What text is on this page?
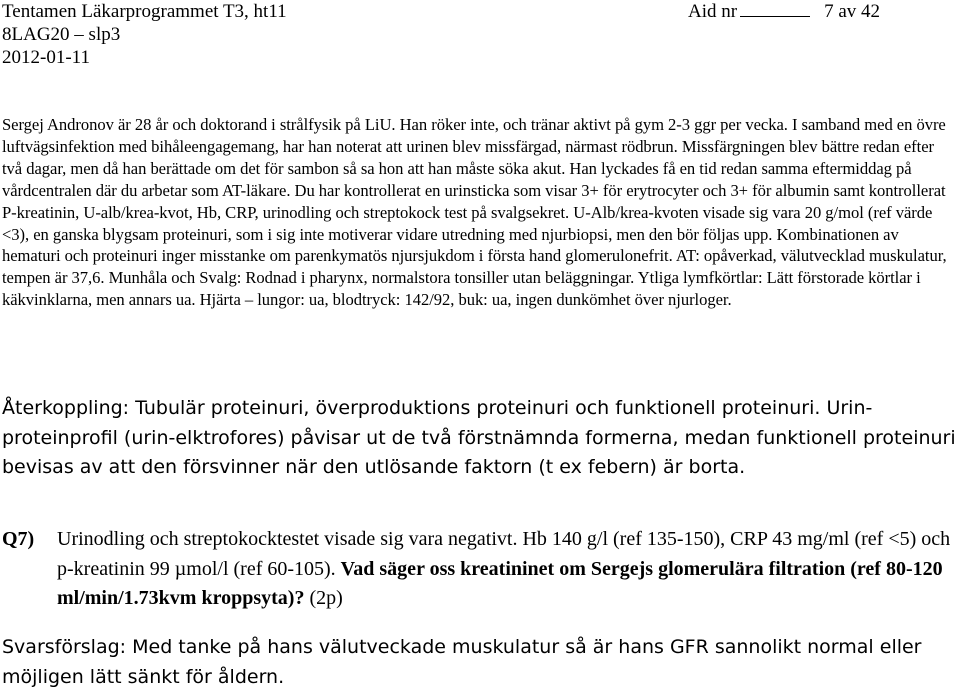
Tentamen Läkarprogrammet T3, ht11	Aid nr	7 av 42
8LAG20 – slp3
2012-01-11

Sergej Andronov är 28 år och doktorand i strålfysik på LiU. Han röker inte, och tränar aktivt på gym 2-3 ggr per vecka. I samband med en övre luftvägsinfektion med bihåleengagemang, har han noterat att urinen blev missfärgad, närmast rödbrun. Missfärgningen blev bättre redan efter två dagar, men då han berättade om det för sambon så sa hon att han måste söka akut. Han lyckades få en tid redan samma eftermiddag på vårdcentralen där du arbetar som AT-läkare. Du har kontrollerat en urinsticka som visar 3+ för erytrocyter och 3+ för albumin samt kontrollerat P-kreatinin, U-alb/krea-kvot, Hb, CRP, urinodling och streptokock test på svalgsekret. U-Alb/krea-kvoten visade sig vara 20 g/mol (ref värde <3), en ganska blygsam proteinuri, som i sig inte motiverar vidare utredning med njurbiopsi, men den bör följas upp. Kombinationen av hematuri och proteinuri inger misstanke om parenkymatös njursjukdom i första hand glomerulonefrit. AT: opåverkad, välutvecklad muskulatur, tempen är 37,6. Munhåla och Svalg: Rodnad i pharynx, normalstora tonsiller utan beläggningar. Ytliga lymfkörtlar: Lätt förstorade körtlar i käkvinklarna, men annars ua. Hjärta – lungor: ua, blodtryck: 142/92, buk: ua, ingen dunkömhet över njurloger.

Återkoppling: Tubulär proteinuri, överproduktions proteinuri och funktionell proteinuri. Urin-proteinprofil (urin-elktrofores) påvisar ut de två förstnämnda formerna, medan funktionell proteinuri bevisas av att den försvinner när den utlösande faktorn (t ex febern) är borta.
Q7) Urinodling och streptokocktestet visade sig vara negativt. Hb 140 g/l (ref 135-150), CRP 43 mg/ml (ref <5) och p-kreatinin 99 µmol/l (ref 60-105). Vad säger oss kreatininet om Sergejs glomerulära filtration (ref 80-120 ml/min/1.73kvm kroppsyta)? (2p)
Svarsförslag: Med tanke på hans välutveckade muskulatur så är hans GFR sannolikt normal eller möjligen lätt sänkt för åldern.
